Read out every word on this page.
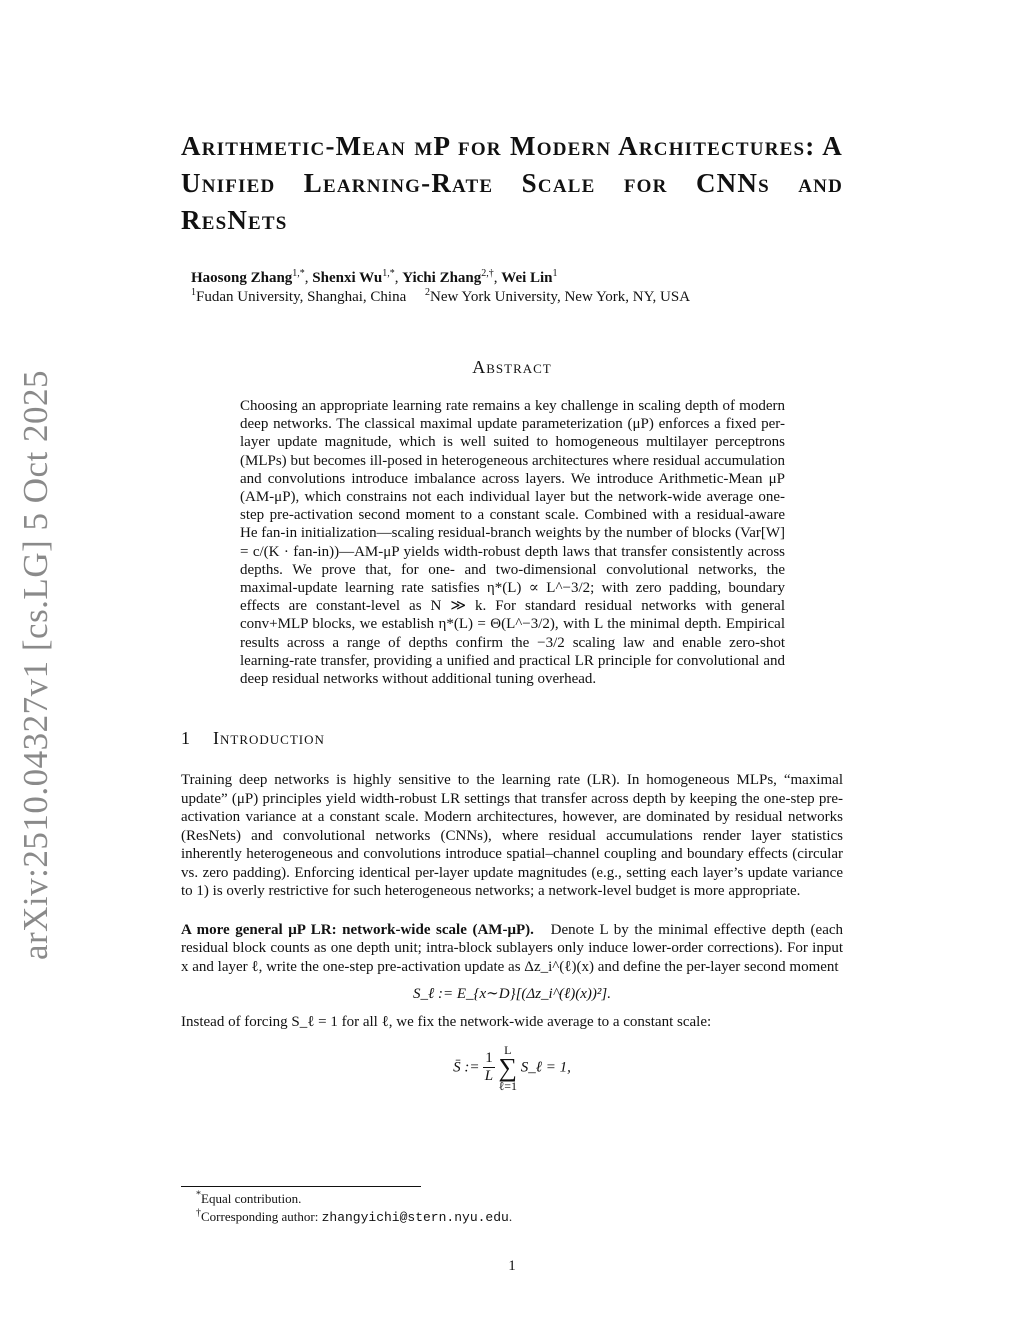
arXiv:2510.04327v1 [cs.LG] 5 Oct 2025
Arithmetic-Mean μP for Modern Architectures: A Unified Learning-Rate Scale for CNNs and ResNets
Haosong Zhang$^{1,*}$, Shenxi $Wu^{1,*}$, Yichi Zhang$^{2,\dagger}$, Wei Lin$^1$
$^1$Fudan University, Shanghai, China $^2$New York University, New York, NY, USA
Abstract
Choosing an appropriate learning rate remains a key challenge in scaling depth of modern deep networks. The classical maximal update parameterization (μP) enforces a fixed per-layer update magnitude, which is well suited to homogeneous multilayer perceptrons (MLPs) but becomes ill-posed in heterogeneous architectures where residual accumulation and convolutions introduce imbalance across layers. We introduce Arithmetic-Mean μP (AM-μP), which constrains not each individual layer but the network-wide average one-step pre-activation second moment to a constant scale. Combined with a residual-aware He fan-in initialization—scaling residual-branch weights by the number of blocks (Var[W] = c/(K · fan-in))—AM-μP yields width-robust depth laws that transfer consistently across depths. We prove that, for one- and two-dimensional convolutional networks, the maximal-update learning rate satisfies η*(L) ∝ L^−3/2; with zero padding, boundary effects are constant-level as N ≫ k. For standard residual networks with general conv+MLP blocks, we establish η*(L) = Θ(L^−3/2), with L the minimal depth. Empirical results across a range of depths confirm the −3/2 scaling law and enable zero-shot learning-rate transfer, providing a unified and practical LR principle for convolutional and deep residual networks without additional tuning overhead.
1 Introduction
Training deep networks is highly sensitive to the learning rate (LR). In homogeneous MLPs, “maximal update” (μP) principles yield width-robust LR settings that transfer across depth by keeping the one-step pre-activation variance at a constant scale. Modern architectures, however, are dominated by residual networks (ResNets) and convolutional networks (CNNs), where residual accumulations render layer statistics inherently heterogeneous and convolutions introduce spatial–channel coupling and boundary effects (circular vs. zero padding). Enforcing identical per-layer update magnitudes (e.g., setting each layer’s update variance to 1) is overly restrictive for such heterogeneous networks; a network-level budget is more appropriate.
A more general μP LR: network-wide scale (AM-μP). Denote L by the minimal effective depth (each residual block counts as one depth unit; intra-block sublayers only induce lower-order corrections). For input x and layer ℓ, write the one-step pre-activation update as Δz_i^(ℓ)(x) and define the per-layer second moment
S_ℓ := E_{x∼D}[(Δz_i^(ℓ)(x))²].
Instead of forcing S_ℓ = 1 for all ℓ, we fix the network-wide average to a constant scale:
S̄ := $\frac{1}{L}$
L
∑
ℓ=1 S_ℓ = 1,
*Equal contribution.
†Corresponding author: zhangyichi@stern.nyu.edu.
1
